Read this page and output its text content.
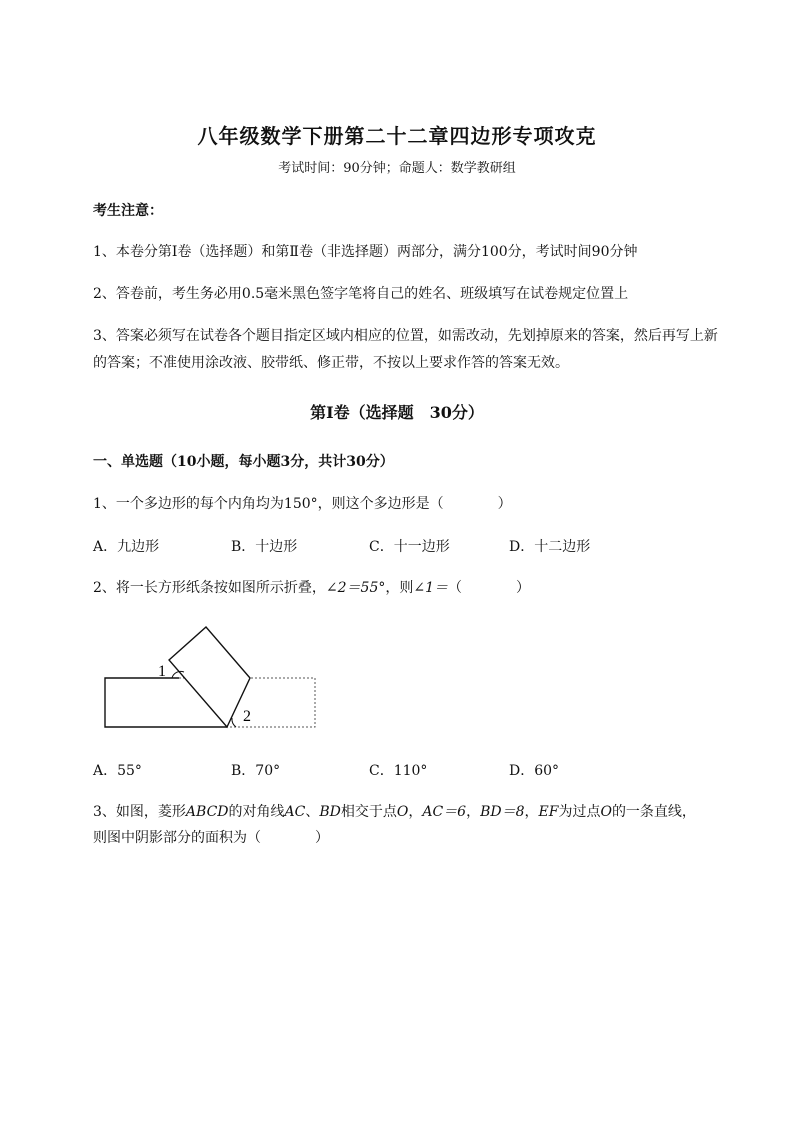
八年级数学下册第二十二章四边形专项攻克
考试时间：90分钟；命题人：数学教研组
考生注意：
1、本卷分第I卷（选择题）和第Ⅱ卷（非选择题）两部分，满分100分，考试时间90分钟
2、答卷前，考生务必用0.5毫米黑色签字笔将自己的姓名、班级填写在试卷规定位置上
3、答案必须写在试卷各个题目指定区域内相应的位置，如需改动，先划掉原来的答案，然后再写上新
的答案；不准使用涂改液、胶带纸、修正带，不按以上要求作答的答案无效。
第I卷（选择题　30分）
一、单选题（10小题，每小题3分，共计30分）
1、一个多边形的每个内角均为150°，则这个多边形是（	）
A．九边形	B．十边形	C．十一边形	D．十二边形
2、将一长方形纸条按如图所示折叠，∠2＝55°，则∠1＝（	）
1
2
A．55°	B．70°	C．110°	D．60°
3、如图，菱形ABCD的对角线AC、BD相交于点O，AC＝6，BD＝8，EF为过点O的一条直线，
则图中阴影部分的面积为（	）
